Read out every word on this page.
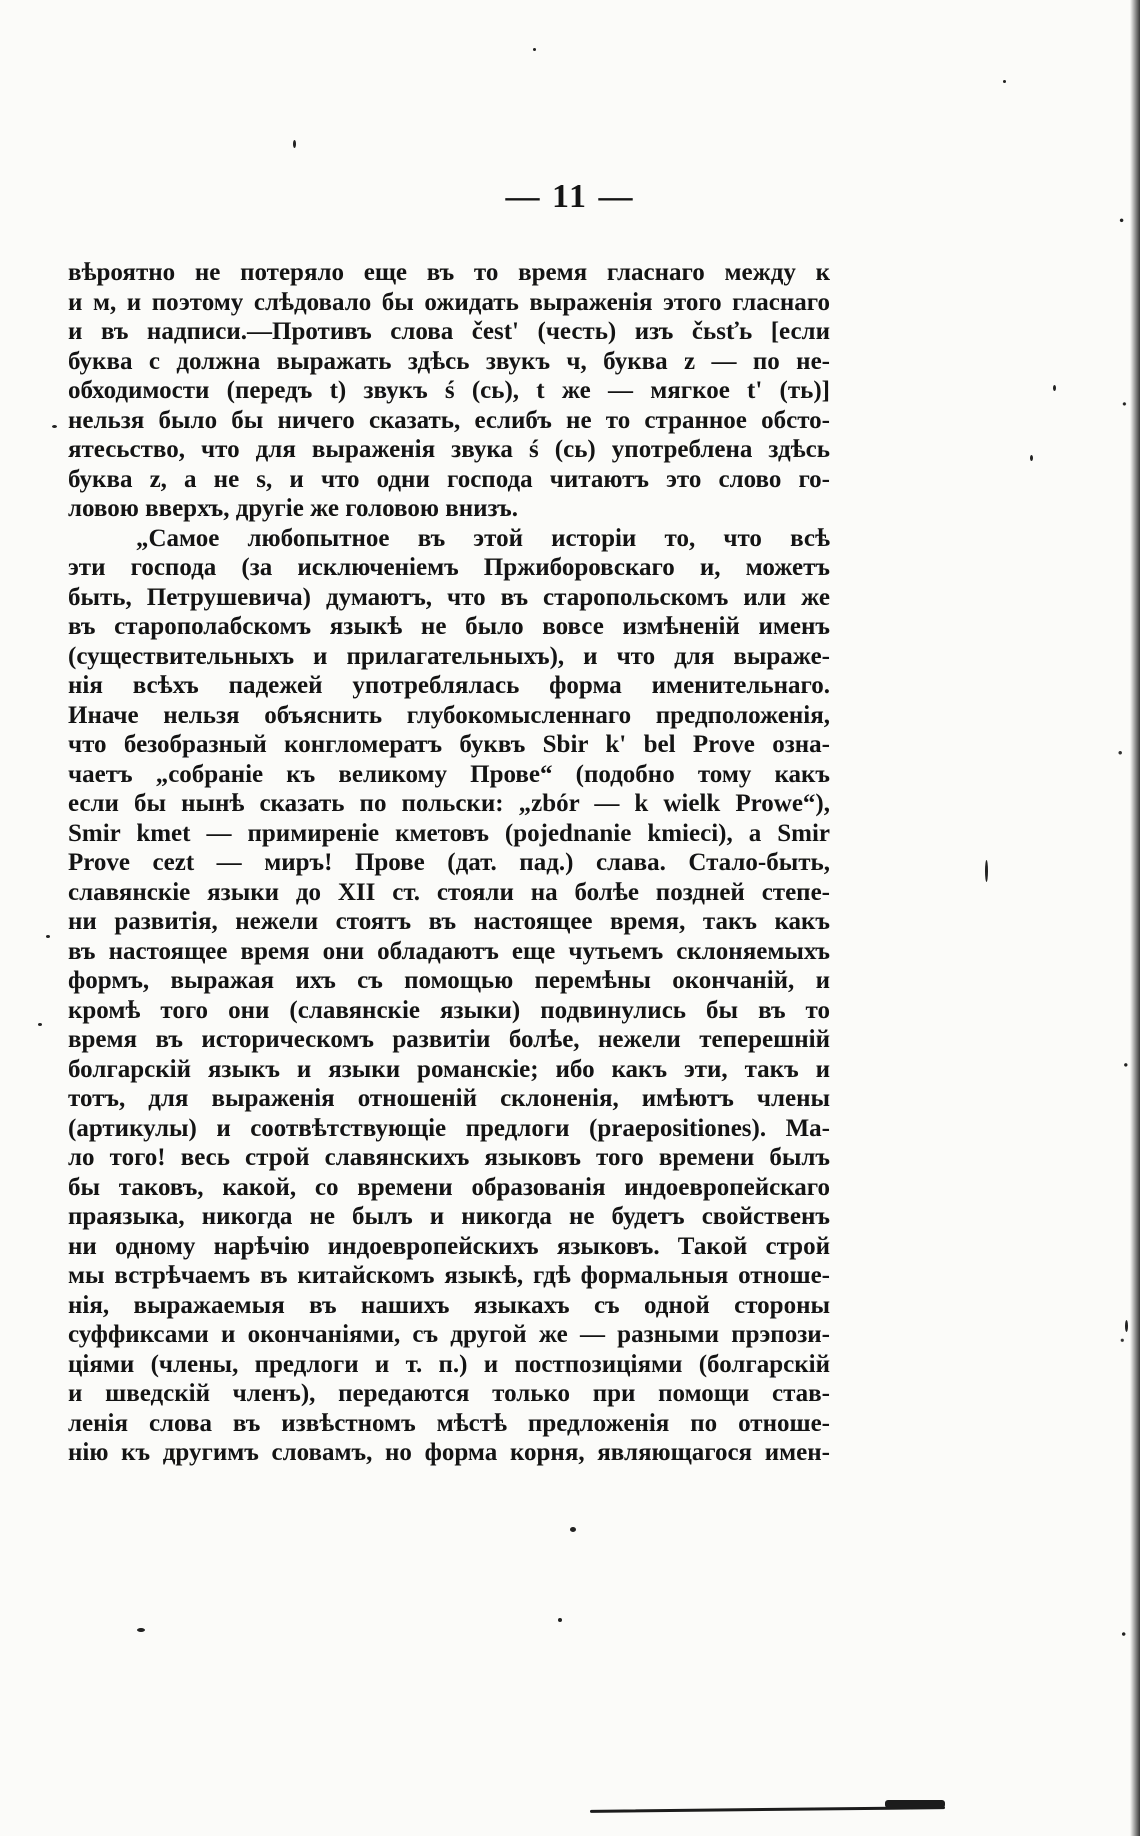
— 11 —
вѣроятно не потеряло еще въ то время гласнаго между к
и м, и поэтому слѣдовало бы ожидать выраженія этого гласнаго
и въ надписи.—Противъ слова čest' (честь) изъ čьsťь [если
буква c должна выражать здѣсь звукъ ч, буква z — по не-
обходимости (передъ t) звукъ ś (сь), t же — мягкое t' (ть)]
нельзя было бы ничего сказать, еслибъ не то странное обсто-
ятесьство, что для выраженія звука ś (сь) употреблена здѣсь
буква z, а не s, и что одни господа читаютъ это слово го-
ловою вверхъ, другіе же головою внизъ.
„Самое любопытное въ этой исторіи то, что всѣ
эти господа (за исключеніемъ Пржиборовскаго и, можетъ
быть, Петрушевича) думаютъ, что въ старопольскомъ или же
въ старополабскомъ языкѣ не было вовсе измѣненій именъ
(существительныхъ и прилагательныхъ), и что для выраже-
нія всѣхъ падежей употреблялась форма именительнаго.
Иначе нельзя объяснить глубокомысленнаго предположенія,
что безобразный конгломератъ буквъ Sbir k' bel Prove озна-
чаетъ „собраніе къ великому Прове“ (подобно тому какъ
если бы нынѣ сказать по польски: „zbór — k wielk Prowe“),
Smir kmet — примиреніе кметовъ (pojednanie kmieci), а Smir
Prove cezt — миръ! Прове (дат. пад.) слава. Стало-быть,
славянскіе языки до XII ст. стояли на болѣе поздней степе-
ни развитія, нежели стоятъ въ настоящее время, такъ какъ
въ настоящее время они обладаютъ еще чутьемъ склоняемыхъ
формъ, выражая ихъ съ помощью перемѣны окончаній, и
кромѣ того они (славянскіе языки) подвинулись бы въ то
время въ историческомъ развитіи болѣе, нежели теперешній
болгарскій языкъ и языки романскіе; ибо какъ эти, такъ и
тотъ, для выраженія отношеній склоненія, имѣютъ члены
(артикулы) и соотвѣтствующіе предлоги (praepositiones). Ма-
ло того! весь строй славянскихъ языковъ того времени былъ
бы таковъ, какой, со времени образованія индоевропейскаго
праязыка, никогда не былъ и никогда не будетъ свойственъ
ни одному нарѣчію индоевропейскихъ языковъ. Такой строй
мы встрѣчаемъ въ китайскомъ языкѣ, гдѣ формальныя отноше-
нія, выражаемыя въ нашихъ языкахъ съ одной стороны
суффиксами и окончаніями, съ другой же — разными прэпози-
ціями (члены, предлоги и т. п.) и постпозиціями (болгарскій
и шведскій членъ), передаются только при помощи став-
ленія слова въ извѣстномъ мѣстѣ предложенія по отноше-
нію къ другимъ словамъ, но форма корня, являющагося имен-
